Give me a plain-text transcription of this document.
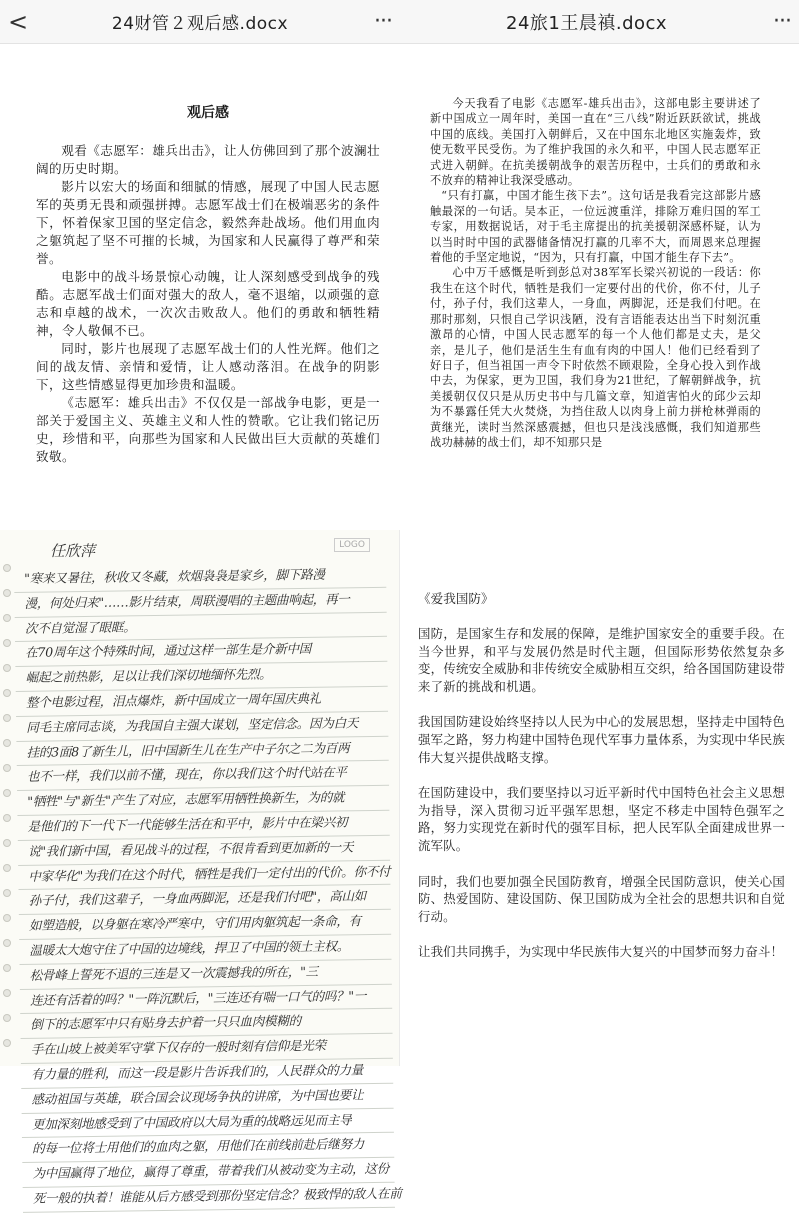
<	24财管２观后感.docx	···
观后感

观看《志愿军：雄兵出击》，让人仿佛回到了那个波澜壮阔的历史时期。

影片以宏大的场面和细腻的情感，展现了中国人民志愿军的英勇无畏和顽强拼搏。志愿军战士们在极端恶劣的条件下，怀着保家卫国的坚定信念，毅然奔赴战场。他们用血肉之躯筑起了坚不可摧的长城，为国家和人民赢得了尊严和荣誉。

电影中的战斗场景惊心动魄，让人深刻感受到战争的残酷。志愿军战士们面对强大的敌人，毫不退缩，以顽强的意志和卓越的战术，一次次击败敌人。他们的勇敢和牺牲精神，令人敬佩不已。

同时，影片也展现了志愿军战士们的人性光辉。他们之间的战友情、亲情和爱情，让人感动落泪。在战争的阴影下，这些情感显得更加珍贵和温暖。

《志愿军：雄兵出击》不仅仅是一部战争电影，更是一部关于爱国主义、英雄主义和人性的赞歌。它让我们铭记历史，珍惜和平，向那些为国家和人民做出巨大贡献的英雄们致敬。

24旅1王晨禛.docx	···

今天我看了电影《志愿军-雄兵出击》，这部电影主要讲述了新中国成立一周年时，美国一直在“三八线”附近跃跃欲试，挑战中国的底线。美国打入朝鲜后，又在中国东北地区实施轰炸，致使无数平民受伤。为了维护我国的永久和平，中国人民志愿军正式进入朝鲜。在抗美援朝战争的艰苦历程中，士兵们的勇敢和永不放弃的精神让我深受感动。

“只有打赢，中国才能生孩下去”。这句话是我看完这部影片感触最深的一句话。吴本正，一位远渡重洋，排除万难归国的军工专家，用数据说话，对于毛主席提出的抗美援朝深感杯疑，认为以当时时中国的武器储备情况打赢的几率不大，而周恩来总理握着他的手坚定地说，“因为，只有打赢，中国才能生存下去”。

心中万千感慨是听到彭总对38军军长梁兴初说的一段话：你我生在这个时代，牺牲是我们一定要付出的代价，你不付，儿子付，孙子付，我们这辈人，一身血，两脚泥，还是我们付吧。在那时那刻，只恨自己学识浅陋，没有言语能表达出当下时刻沉重激昂的心情，中国人民志愿军的每一个人他们都是丈夫，是父亲，是儿子，他们是活生生有血有肉的中国人！他们已经看到了好日子，但当祖国一声令下时依然不顾艰险，全身心投入到作战中去，为保家，更为卫国，我们身为21世纪，了解朝鲜战争，抗美援朝仅仅只是从历史书中与几篇文章，知道害怕火的邱少云却为不暴露任凭大火焚烧，为挡住敌人以肉身上前力拼枪林弹雨的黄继光，读时当然深感震撼，但也只是浅浅感慨，我们知道那些战功赫赫的战士们，却不知那只是

任欣萍	LOGO
"寒来又暑往，秋收又冬藏，炊烟袅袅是家乡，脚下路漫
漫，何处归来"……影片结束，周联漫唱的主题曲响起，再一
次不自觉湿了眼眶。
在70周年这个特殊时间，通过这样一部生是介新中国
崛起之前热影，足以让我们深切地缅怀先烈。
整个电影过程，泪点爆炸，新中国成立一周年国庆典礼
同毛主席同志谈，为我国自主强大谋划，坚定信念。因为白天
挂的3面8了新生儿，旧中国新生儿在生产中子尔之二为百两
也不一样，我们以前不懂，现在，你以我们这个时代站在平
"牺牲"与"新生"产生了对应，志愿军用牺牲换新生，为的就
是他们的下一代下一代能够生活在和平中，影片中在梁兴初
说"我们新中国，看见战斗的过程，不很肯看到更加新的一天
中家华化"为我们在这个时代，牺牲是我们一定付出的代价。你不付
孙子付，我们这辈子，一身血两脚泥，还是我们付吧"，高山如
如塑造般，以身躯在寒冷严寒中，守们用肉躯筑起一条命，有
温暖太大炮守住了中国的边境线，捍卫了中国的领土主权。
松骨峰上誓死不退的三连是又一次震撼我的所在，"三
连还有活着的吗？"一阵沉默后，"三连还有喘一口气的吗？"一
倒下的志愿军中只有贴身去护着一只只血肉模糊的
手在山坡上被美军守掌下仅存的一般时刻有信仰是光荣
有力量的胜利，而这一段是影片告诉我们的，人民群众的力量
感动祖国与英雄，联合国会议现场争执的讲席，为中国也要让
更加深刻地感受到了中国政府以大局为重的战略远见而主导
的每一位将士用他们的血肉之躯，用他们在前线前赴后继努力
为中国赢得了地位，赢得了尊重，带着我们从被动变为主动，这份
死一般的执着！谁能从后方感受到那份坚定信念？极致悍的敌人在前
《爱我国防》

国防，是国家生存和发展的保障，是维护国家安全的重要手段。在当今世界，和平与发展仍然是时代主题，但国际形势依然复杂多变，传统安全威胁和非传统安全威胁相互交织，给各国国防建设带来了新的挑战和机遇。

我国国防建设始终坚持以人民为中心的发展思想，坚持走中国特色强军之路，努力构建中国特色现代军事力量体系，为实现中华民族伟大复兴提供战略支撑。

在国防建设中，我们要坚持以习近平新时代中国特色社会主义思想为指导，深入贯彻习近平强军思想，坚定不移走中国特色强军之路，努力实现党在新时代的强军目标，把人民军队全面建成世界一流军队。

同时，我们也要加强全民国防教育，增强全民国防意识，使关心国防、热爱国防、建设国防、保卫国防成为全社会的思想共识和自觉行动。

让我们共同携手，为实现中华民族伟大复兴的中国梦而努力奋斗！
